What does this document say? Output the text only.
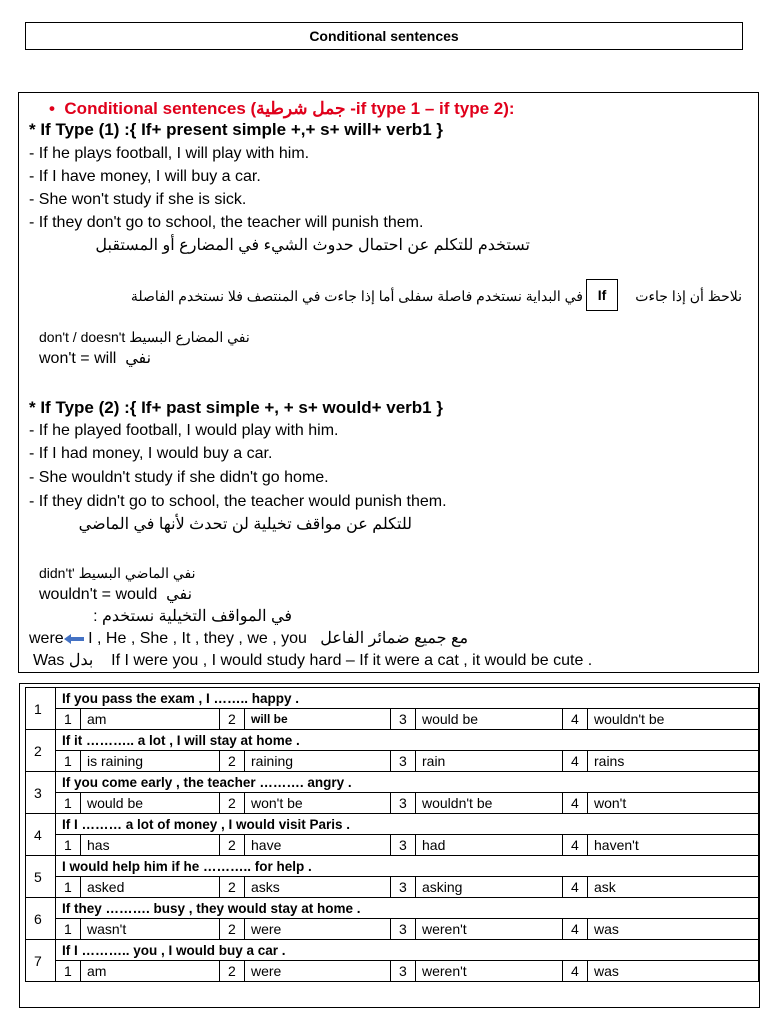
Conditional sentences
•  Conditional sentences (جمل شرطية -if type 1 – if type 2):
* If Type (1) :{ If+ present simple +,+ s+ will+ verb1 }
- If he plays football, I will play with him.
- If I have money, I will buy a car.
- She won't study if she is sick.
- If they don't go to school, the teacher will punish them.
تستخدم للتكلم عن احتمال حدوث الشيء في المضارع أو المستقبل
نلاحظ أن إذا جاءت
في البداية نستخدم فاصلة سفلى أما إذا جاءت في المنتصف فلا نستخدم الفاصلة
don't / doesn't نفي المضارع البسيط
won't = will نفي
* If Type (2) :{ If+ past simple +, + s+ would+ verb1 }
- If he played football, I would play with him.
- If I had money, I would buy a car.
- She wouldn't study if she didn't go home.
- If they didn't go to school, the teacher would punish them.
للتكلم عن مواقف تخيلية لن تحدث لأنها في الماضي
didn't' نفي الماضي البسيط
wouldn't = would نفي
في المواقف التخيلية نستخدم :
were I , He , She , It , they , we , you مع جميع ضمائر الفاعل
Was بدل If I were you , I would study hard – If it were a cat , it would be cute .
If
1	If you pass the exam , I …….. happy .							
	1	am	2	will be	3	would be	4	wouldn't be
2	If it ……….. a lot , I will stay at home .							
	1	is raining	2	raining	3	rain	4	rains
3	If you come early , the teacher ………. angry .							
	1	would be	2	won't be	3	wouldn't be	4	won't
4	If I ……… a lot of money , I would visit Paris .							
	1	has	2	have	3	had	4	haven't
5	I would help him if he ……….. for help .							
	1	asked	2	asks	3	asking	4	ask
6	If they ………. busy , they would stay at home .							
	1	wasn't	2	were	3	weren't	4	was
7	If I ……….. you , I would buy a car .							
	1	am	2	were	3	weren't	4	was
